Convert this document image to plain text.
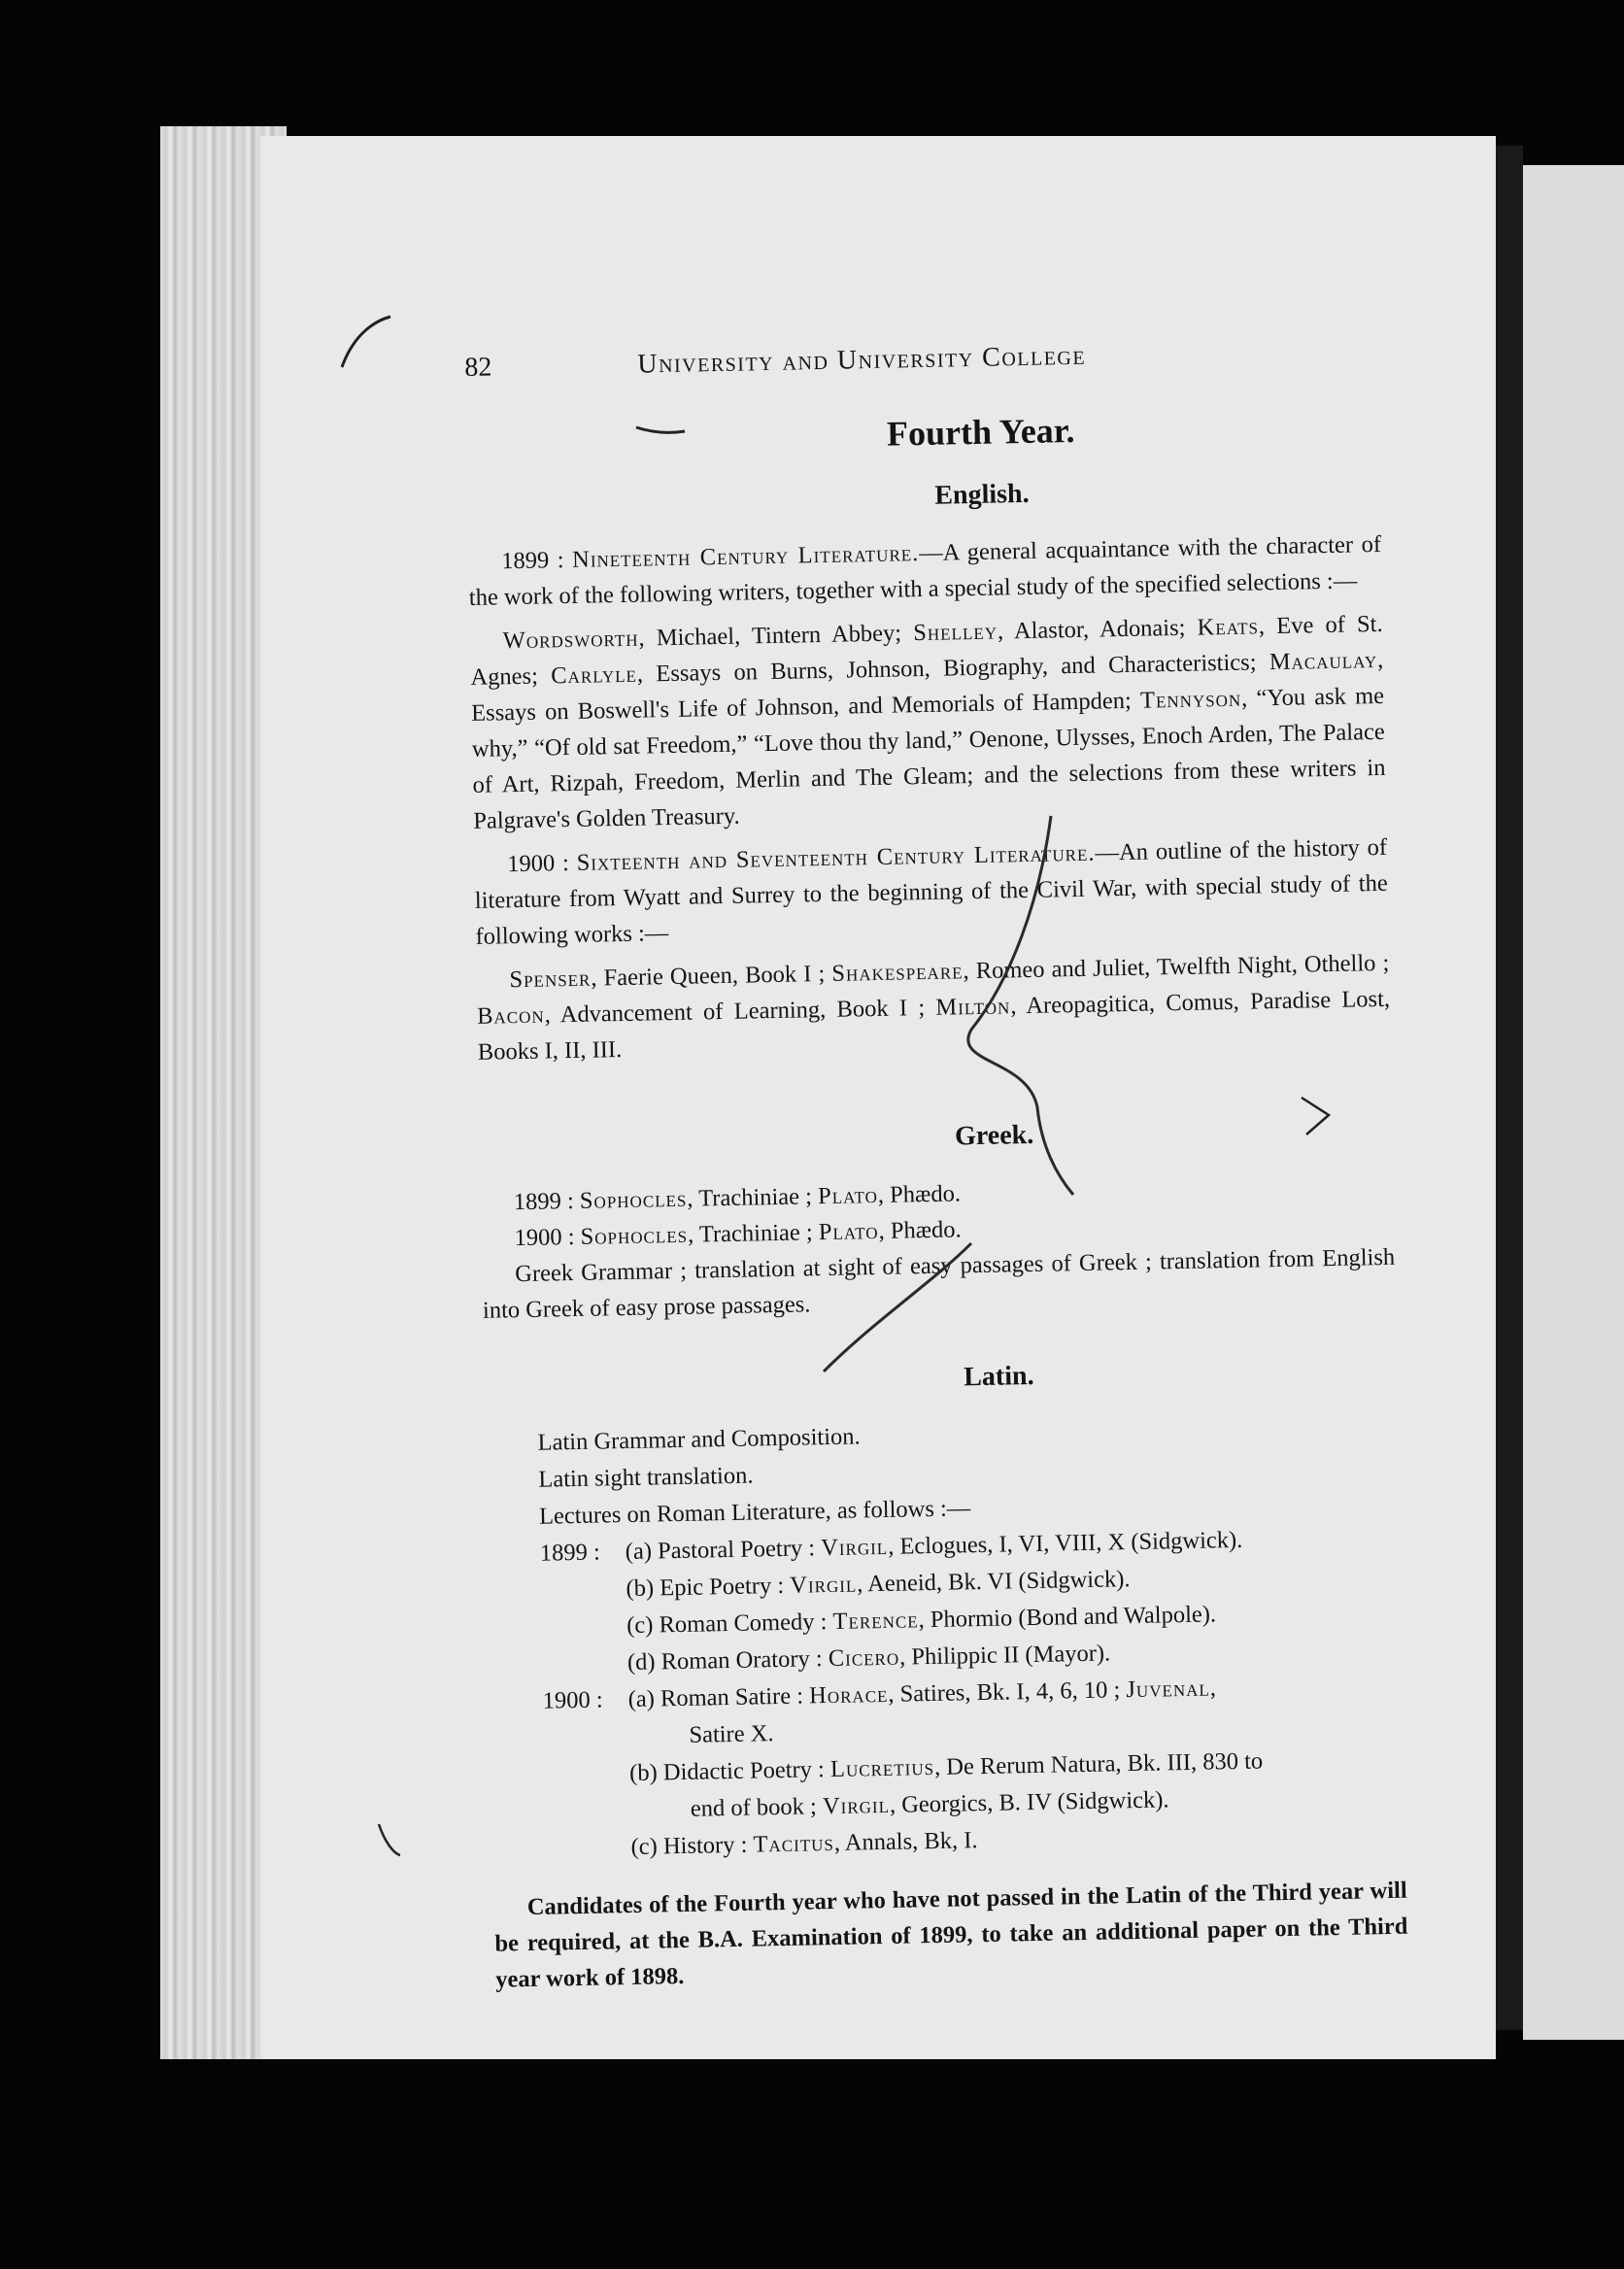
82	University and University College
Fourth Year.
English.

1899 : Nineteenth Century Literature.—A general acquaintance with the character of the work of the following writers, together with a special study of the specified selections :—

Wordsworth, Michael, Tintern Abbey; Shelley, Alastor, Adonais; Keats, Eve of St. Agnes; Carlyle, Essays on Burns, Johnson, Biography, and Characteristics; Macaulay, Essays on Boswell's Life of Johnson, and Memorials of Hampden; Tennyson, “You ask me why,” “Of old sat Freedom,” “Love thou thy land,” Oenone, Ulysses, Enoch Arden, The Palace of Art, Rizpah, Freedom, Merlin and The Gleam; and the selections from these writers in Palgrave's Golden Treasury.

1900 : Sixteenth and Seventeenth Century Literature.—An outline of the history of literature from Wyatt and Surrey to the beginning of the Civil War, with special study of the following works :—

Spenser, Faerie Queen, Book I ; Shakespeare, Romeo and Juliet, Twelfth Night, Othello ; Bacon, Advancement of Learning, Book I ; Milton, Areopagitica, Comus, Paradise Lost, Books I, II, III.

Greek.

1899 : Sophocles, Trachiniae ; Plato, Phædo.

1900 : Sophocles, Trachiniae ; Plato, Phædo.

Greek Grammar ; translation at sight of easy passages of Greek ; translation from English into Greek of easy prose passages.

Latin.
Latin Grammar and Composition.
Latin sight translation.
Lectures on Roman Literature, as follows :—
1899 : (a) Pastoral Poetry : Virgil, Eclogues, I, VI, VIII, X (Sidgwick).
(b) Epic Poetry : Virgil, Aeneid, Bk. VI (Sidgwick).
(c) Roman Comedy : Terence, Phormio (Bond and Walpole).
(d) Roman Oratory : Cicero, Philippic II (Mayor).
1900 : (a) Roman Satire : Horace, Satires, Bk. I, 4, 6, 10 ; Juvenal,
Satire X.
(b) Didactic Poetry : Lucretius, De Rerum Natura, Bk. III, 830 to
end of book ; Virgil, Georgics, B. IV (Sidgwick).
(c) History : Tacitus, Annals, Bk, I.

Candidates of the Fourth year who have not passed in the Latin of the Third year will be required, at the B.A. Examination of 1899, to take an additional paper on the Third year work of 1898.
